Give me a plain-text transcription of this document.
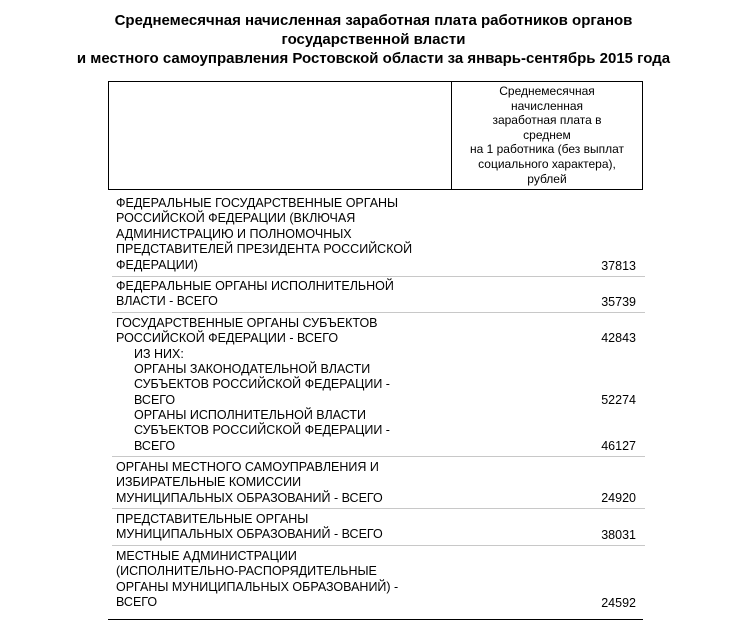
Среднемесячная начисленная заработная плата работников органов
государственной власти
и местного самоуправления Ростовской области за январь-сентябрь 2015 года
Среднемесячная
начисленная
заработная плата в
среднем
на 1 работника (без выплат
социального характера),
рублей
ФЕДЕРАЛЬНЫЕ ГОСУДАРСТВЕННЫЕ ОРГАНЫ
РОССИЙСКОЙ ФЕДЕРАЦИИ (ВКЛЮЧАЯ
АДМИНИСТРАЦИЮ И ПОЛНОМОЧНЫХ
ПРЕДСТАВИТЕЛЕЙ ПРЕЗИДЕНТА РОССИЙСКОЙ
ФЕДЕРАЦИИ)	37813
ФЕДЕРАЛЬНЫЕ ОРГАНЫ ИСПОЛНИТЕЛЬНОЙ
ВЛАСТИ - ВСЕГО	35739
ГОСУДАРСТВЕННЫЕ ОРГАНЫ СУБЪЕКТОВ
РОССИЙСКОЙ ФЕДЕРАЦИИ - ВСЕГО	42843
ИЗ НИХ:
ОРГАНЫ ЗАКОНОДАТЕЛЬНОЙ ВЛАСТИ
СУБЪЕКТОВ РОССИЙСКОЙ ФЕДЕРАЦИИ -
ВСЕГО	52274
ОРГАНЫ ИСПОЛНИТЕЛЬНОЙ ВЛАСТИ
СУБЪЕКТОВ РОССИЙСКОЙ ФЕДЕРАЦИИ -
ВСЕГО	46127
ОРГАНЫ МЕСТНОГО САМОУПРАВЛЕНИЯ И
ИЗБИРАТЕЛЬНЫЕ КОМИССИИ
МУНИЦИПАЛЬНЫХ ОБРАЗОВАНИЙ - ВСЕГО	24920
ПРЕДСТАВИТЕЛЬНЫЕ ОРГАНЫ
МУНИЦИПАЛЬНЫХ ОБРАЗОВАНИЙ - ВСЕГО	38031
МЕСТНЫЕ АДМИНИСТРАЦИИ
(ИСПОЛНИТЕЛЬНО-РАСПОРЯДИТЕЛЬНЫЕ
ОРГАНЫ МУНИЦИПАЛЬНЫХ ОБРАЗОВАНИЙ) -
ВСЕГО	24592
